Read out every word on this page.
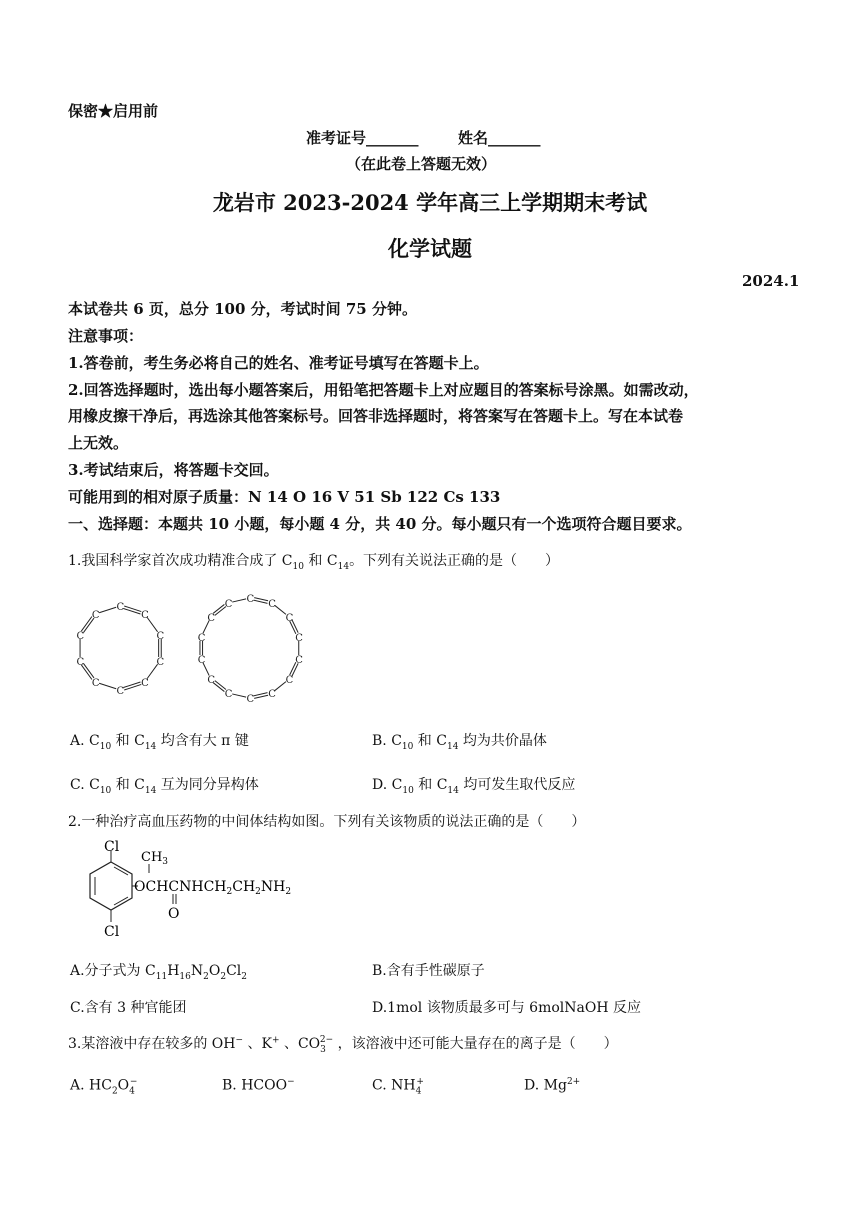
保密★启用前
准考证号_______	姓名_______
（在此卷上答题无效）
龙岩市 2023-2024 学年高三上学期期末考试
化学试题
2024.1
本试卷共 6 页，总分 100 分，考试时间 75 分钟。
注意事项：
1.答卷前，考生务必将自己的姓名、准考证号填写在答题卡上。
2.回答选择题时，选出每小题答案后，用铅笔把答题卡上对应题目的答案标号涂黑。如需改动，
用橡皮擦干净后，再选涂其他答案标号。回答非选择题时，将答案写在答题卡上。写在本试卷
上无效。
3.考试结束后，将答题卡交回。
可能用到的相对原子质量：N 14 O 16 V 51 Sb 122 Cs 133
一、选择题：本题共 10 小题，每小题 4 分，共 40 分。每小题只有一个选项符合题目要求。
1.我国科学家首次成功精准合成了 $C_{10}$ 和 $C_{14}$。下列有关说法正确的是（　　）
C
C
C
C
C
C
C
C
C
C
C C
C
C
C
C
C
C
C
C
C
C
C
C
A. $C_{10}$ 和 $C_{14}$ 均含有大 π 键	B. $C_{10}$ 和 $C_{14}$ 均为共价晶体
C. $C_{10}$ 和 $C_{14}$ 互为同分异构体	D. $C_{10}$ 和 $C_{14}$ 均可发生取代反应
2.一种治疗高血压药物的中间体结构如图。下列有关该物质的说法正确的是（　　）
Cl
Cl
$CH_3$
$OCHCNHCH_2CH_2NH_2$
O
A.分子式为 $C_{11}H_{16}N_2O_2Cl_2$	B.含有手性碳原子
C.含有 3 种官能团	D.1mol 该物质最多可与 6molNaOH 反应
3.某溶液中存在较多的 OH− 、K+ 、$CO_3^{2-}$ ，该溶液中还可能大量存在的离子是（　　）
A. $HC_2O_4^-$	B. HCOO−	C. $NH_4^+$	D. $Mg^{2+}$
